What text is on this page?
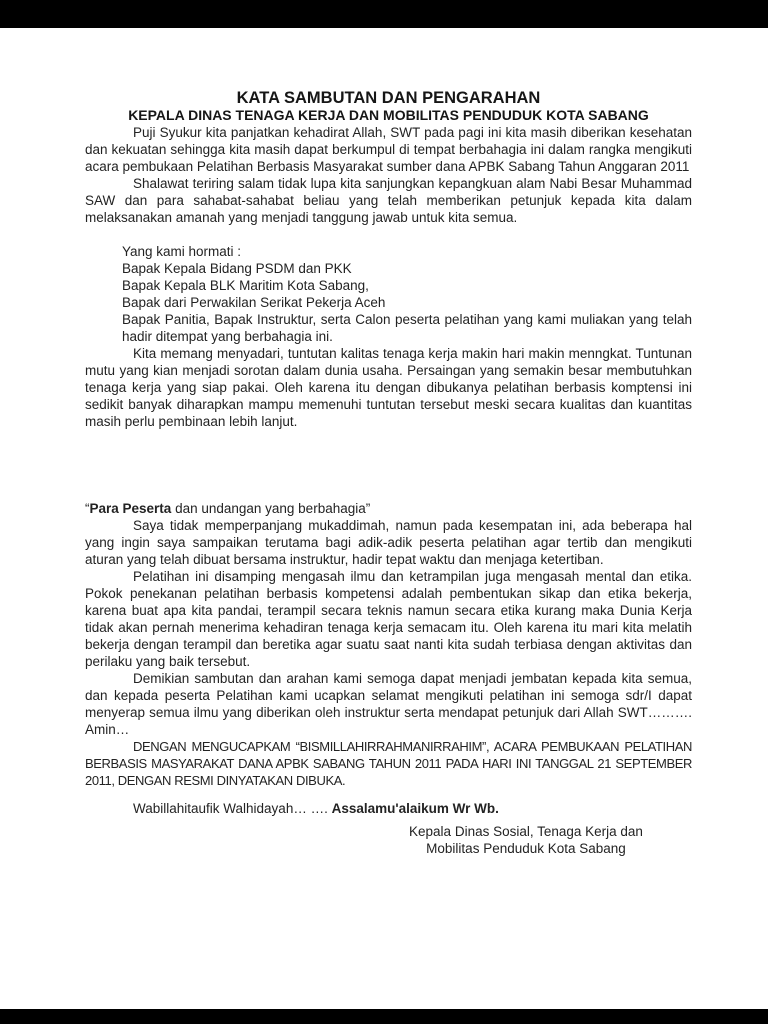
KATA SAMBUTAN DAN PENGARAHAN
KEPALA DINAS TENAGA KERJA DAN MOBILITAS PENDUDUK KOTA SABANG

Puji Syukur kita panjatkan kehadirat Allah, SWT pada pagi ini kita masih diberikan kesehatan dan kekuatan sehingga kita masih dapat berkumpul di tempat berbahagia ini dalam rangka mengikuti acara pembukaan Pelatihan Berbasis Masyarakat sumber dana APBK Sabang Tahun Anggaran 2011

Shalawat teriring salam tidak lupa kita sanjungkan kepangkuan alam Nabi Besar Muhammad SAW dan para sahabat-sahabat beliau yang telah memberikan petunjuk kepada kita dalam melaksanakan amanah yang menjadi tanggung jawab untuk kita semua.

Yang kami hormati :
Bapak Kepala Bidang PSDM dan PKK
Bapak Kepala BLK Maritim Kota Sabang,
Bapak dari Perwakilan Serikat Pekerja Aceh
Bapak Panitia, Bapak Instruktur, serta Calon peserta pelatihan yang kami muliakan yang telah hadir ditempat yang berbahagia ini.

Kita memang menyadari, tuntutan kalitas tenaga kerja makin hari makin menngkat. Tuntunan mutu yang kian menjadi sorotan dalam dunia usaha. Persaingan yang semakin besar membutuhkan tenaga kerja yang siap pakai. Oleh karena itu dengan dibukanya pelatihan berbasis komptensi ini sedikit banyak diharapkan mampu memenuhi tuntutan tersebut meski secara kualitas dan kuantitas masih perlu pembinaan lebih lanjut.

“Para Peserta dan undangan yang berbahagia”

Saya tidak memperpanjang mukaddimah, namun pada kesempatan ini, ada beberapa hal yang ingin saya sampaikan terutama bagi adik-adik peserta pelatihan agar tertib dan mengikuti aturan yang telah dibuat bersama instruktur, hadir tepat waktu dan menjaga ketertiban.

Pelatihan ini disamping mengasah ilmu dan ketrampilan juga mengasah mental dan etika. Pokok penekanan pelatihan berbasis kompetensi adalah pembentukan sikap dan etika bekerja, karena buat apa kita pandai, terampil secara teknis namun secara etika kurang maka Dunia Kerja tidak akan pernah menerima kehadiran tenaga kerja semacam itu. Oleh karena itu mari kita melatih bekerja dengan terampil dan beretika agar suatu saat nanti kita sudah terbiasa dengan aktivitas dan perilaku yang baik tersebut.

Demikian sambutan dan arahan kami semoga dapat menjadi jembatan kepada kita semua, dan kepada peserta Pelatihan kami ucapkan selamat mengikuti pelatihan ini semoga sdr/I dapat menyerap semua ilmu yang diberikan oleh instruktur serta mendapat petunjuk dari Allah SWT………. Amin…

DENGAN MENGUCAPKAM “BISMILLAHIRRAHMANIRRAHIM”, ACARA PEMBUKAAN PELATIHAN BERBASIS MASYARAKAT DANA APBK SABANG TAHUN 2011 PADA HARI INI TANGGAL 21 SEPTEMBER 2011, DENGAN RESMI DINYATAKAN DIBUKA.

Wabillahitaufik Walhidayah… …. Assalamu'alaikum Wr Wb.
Kepala Dinas Sosial, Tenaga Kerja dan
Mobilitas Penduduk Kota Sabang
